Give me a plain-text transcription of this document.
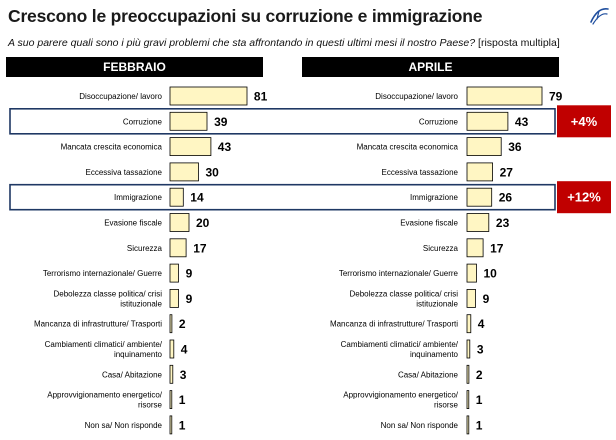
Crescono le preoccupazioni su corruzione e immigrazione
A suo parere quali sono i più gravi problemi che sta affrontando in questi ultimi mesi il nostro Paese? [risposta multipla]
FEBBRAIO	APRILE
Disoccupazione/ lavoro	81
Corruzione	39
Mancata crescita economica	43
Eccessiva tassazione	30
Immigrazione 14
Evasione fiscale	20
Sicurezza	17
Terrorismo internazionale/ Guerre 9
Debolezza classe politica/ crisi istituzionale 9
Mancanza di infrastrutture/ Trasporti 2
Cambiamenti climatici/ ambiente/ inquinamento 4
Casa/ Abitazione 3
Approvvigionamento energetico/ risorse 1
Non sa/ Non risponde 1
Disoccupazione/ lavoro	79
Corruzione	43
Mancata crescita economica	36
Eccessiva tassazione	27
Immigrazione	26
Evasione fiscale	23
Sicurezza	17
Terrorismo internazionale/ Guerre 10
Debolezza classe politica/ crisi istituzionale 9
Mancanza di infrastrutture/ Trasporti 4
Cambiamenti climatici/ ambiente/ inquinamento 3
Casa/ Abitazione 2
Approvvigionamento energetico/ risorse 1
Non sa/ Non risponde 1
+4%
+12%
